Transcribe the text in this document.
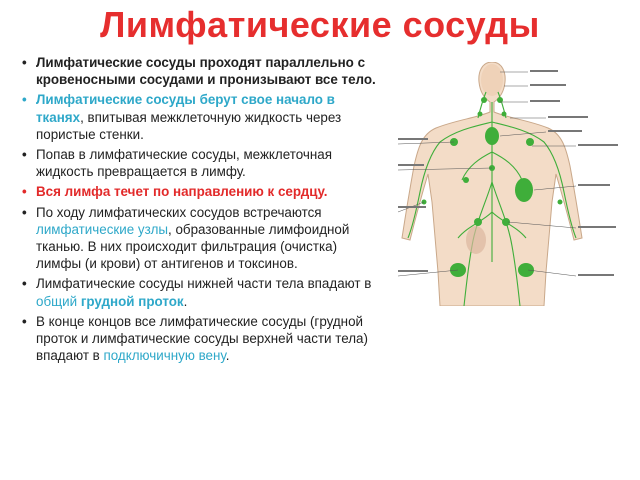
Лимфатические сосуды
• Лимфатические сосуды проходят параллельно с кровеносными сосудами и пронизывают все тело.
• Лимфатические сосуды берут свое начало в тканях, впитывая межклеточную жидкость через пористые стенки.
• Попав в лимфатические сосуды, межклеточная жидкость превращается в лимфу.
• Вся лимфа течет по направлению к сердцу.
• По ходу лимфатических сосудов встречаются лимфатические узлы, образованные лимфоидной тканью. В них происходит фильтрация (очистка) лимфы (и крови) от антигенов и токсинов.
• Лимфатические сосуды нижней части тела впадают в общий грудной проток.
• В конце концов все лимфатические сосуды (грудной проток и лимфатические сосуды верхней части тела) впадают в подключичную вену.
